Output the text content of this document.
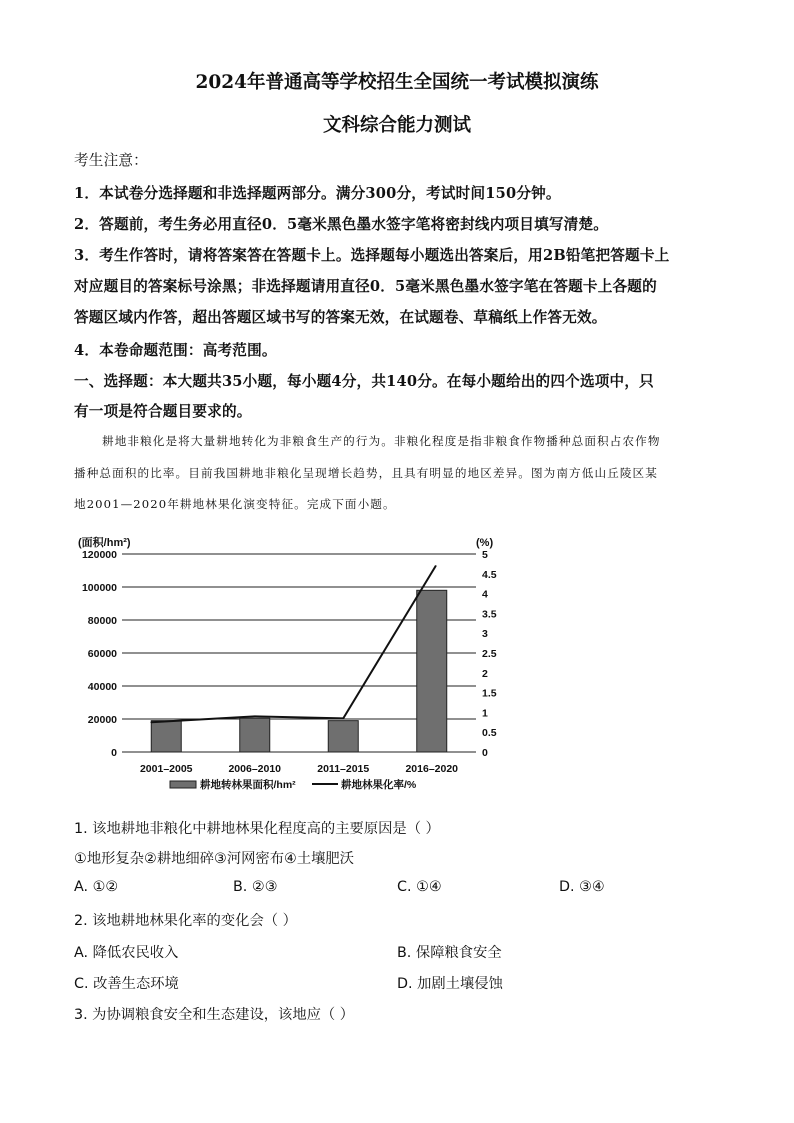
2024年普通高等学校招生全国统一考试模拟演练
文科综合能力测试
考生注意：
1．本试卷分选择题和非选择题两部分。满分300分，考试时间150分钟。
2．答题前，考生务必用直径0．5毫米黑色墨水签字笔将密封线内项目填写清楚。
3．考生作答时，请将答案答在答题卡上。选择题每小题选出答案后，用2B铅笔把答题卡上
对应题目的答案标号涂黑；非选择题请用直径0．5毫米黑色墨水签字笔在答题卡上各题的
答题区域内作答，超出答题区域书写的答案无效，在试题卷、草稿纸上作答无效。
4．本卷命题范围：高考范围。
一、选择题：本大题共35小题，每小题4分，共140分。在每小题给出的四个选项中，只
有一项是符合题目要求的。
耕地非粮化是将大量耕地转化为非粮食生产的行为。非粮化程度是指非粮食作物播种总面积占农作物
播种总面积的比率。目前我国耕地非粮化呈现增长趋势，且具有明显的地区差异。图为南方低山丘陵区某
地2001—2020年耕地林果化演变特征。完成下面小题。
0
20000
40000
60000
80000
100000
120000
0
0.5
1
1.5
2
2.5
3
3.5
4
4.5
5
2001–2005	2006–2010	2011–2015	2016–2020
(面积/hm²)	(%)
耕地转林果面积/hm²	耕地林果化率/%
1. 该地耕地非粮化中耕地林果化程度高的主要原因是（ ）
①地形复杂②耕地细碎③河网密布④土壤肥沃
A. ①②	B. ②③	C. ①④	D. ③④
2. 该地耕地林果化率的变化会（ ）
A. 降低农民收入	B. 保障粮食安全
C. 改善生态环境	D. 加剧土壤侵蚀
3. 为协调粮食安全和生态建设，该地应（ ）
